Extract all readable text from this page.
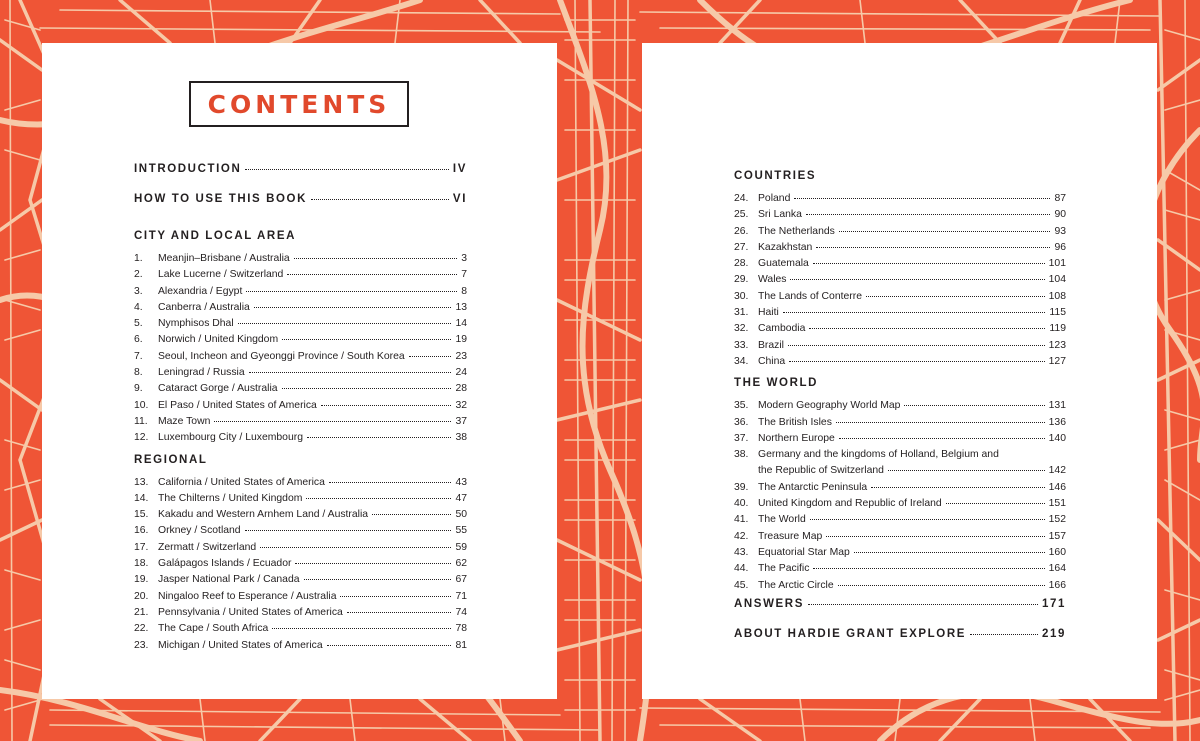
CONTENTS
INTRODUCTION	IV
HOW TO USE THIS BOOK	VI
CITY AND LOCAL AREA
1.	Meanjin–Brisbane / Australia	3
2.	Lake Lucerne / Switzerland	7
3.	Alexandria / Egypt	8
4.	Canberra / Australia	13
5.	Nymphisos Dhal	14
6.	Norwich / United Kingdom	19
7.	Seoul, Incheon and Gyeonggi Province / South Korea	23
8.	Leningrad / Russia	24
9.	Cataract Gorge / Australia	28
10. El Paso / United States of America	32
11. Maze Town	37
12. Luxembourg City / Luxembourg	38
REGIONAL
13. California / United States of America	43
14. The Chilterns / United Kingdom	47
15. Kakadu and Western Arnhem Land / Australia	50
16. Orkney / Scotland	55
17. Zermatt / Switzerland	59
18. Galápagos Islands / Ecuador	62
19. Jasper National Park / Canada	67
20. Ningaloo Reef to Esperance / Australia	71
21. Pennsylvania / United States of America	74
22. The Cape / South Africa	78
23. Michigan / United States of America	81
COUNTRIES
24. Poland	87
25. Sri Lanka	90
26. The Netherlands	93
27. Kazakhstan	96
28. Guatemala	101
29. Wales	104
30. The Lands of Conterre	108
31. Haiti	115
32. Cambodia	119
33. Brazil	123
34. China	127
THE WORLD
35. Modern Geography World Map	131
36. The British Isles	136
37. Northern Europe	140
38. Germany and the kingdoms of Holland, Belgium and
the Republic of Switzerland	142
39. The Antarctic Peninsula	146
40. United Kingdom and Republic of Ireland	151
41. The World	152
42. Treasure Map	157
43. Equatorial Star Map	160
44. The Pacific	164
45. The Arctic Circle	166
ANSWERS	171
ABOUT HARDIE GRANT EXPLORE	219
